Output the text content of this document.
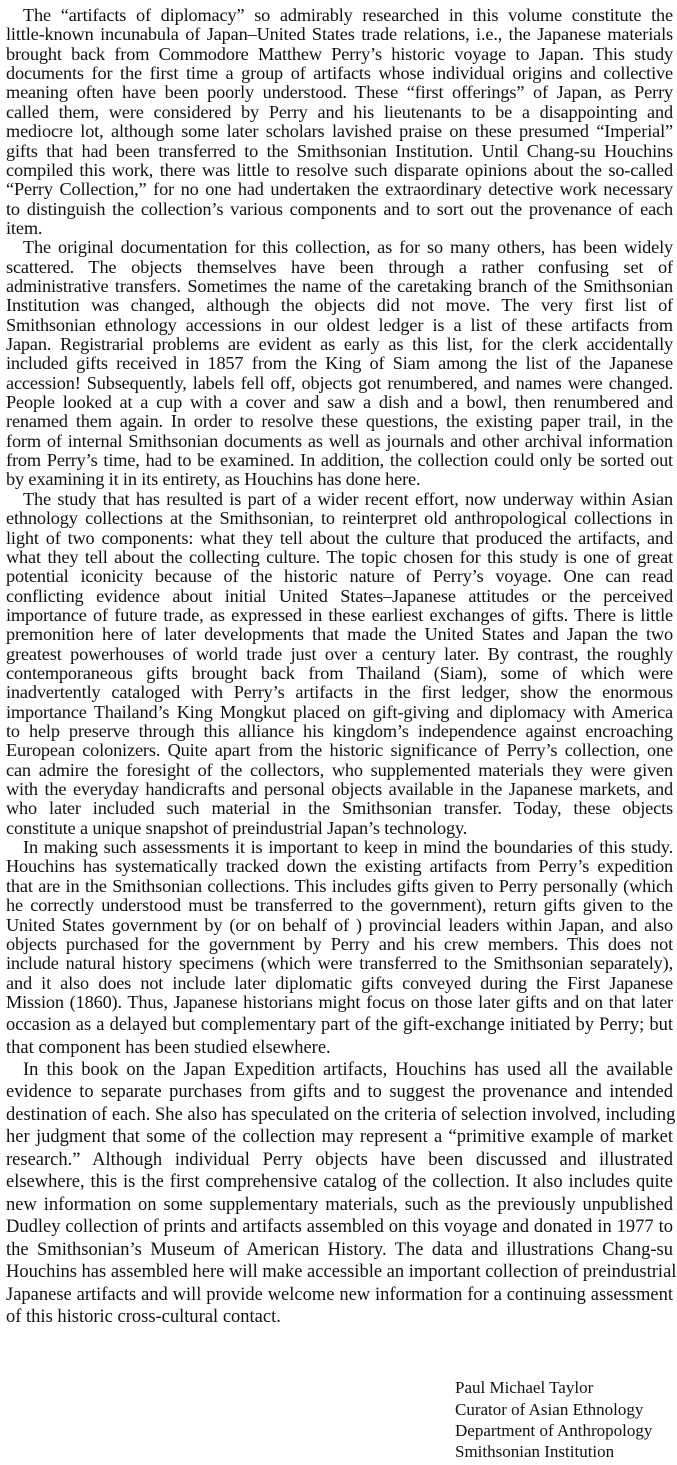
The “artifacts of diplomacy” so admirably researched in this volume constitute the
little-known incunabula of Japan–United States trade relations, i.e., the Japanese materials
brought back from Commodore Matthew Perry’s historic voyage to Japan. This study
documents for the first time a group of artifacts whose individual origins and collective
meaning often have been poorly understood. These “first offerings” of Japan, as Perry
called them, were considered by Perry and his lieutenants to be a disappointing and
mediocre lot, although some later scholars lavished praise on these presumed “Imperial”
gifts that had been transferred to the Smithsonian Institution. Until Chang-su Houchins
compiled this work, there was little to resolve such disparate opinions about the so-called
“Perry Collection,” for no one had undertaken the extraordinary detective work necessary
to distinguish the collection’s various components and to sort out the provenance of each
item.
The original documentation for this collection, as for so many others, has been widely
scattered. The objects themselves have been through a rather confusing set of
administrative transfers. Sometimes the name of the caretaking branch of the Smithsonian
Institution was changed, although the objects did not move. The very first list of
Smithsonian ethnology accessions in our oldest ledger is a list of these artifacts from
Japan. Registrarial problems are evident as early as this list, for the clerk accidentally
included gifts received in 1857 from the King of Siam among the list of the Japanese
accession! Subsequently, labels fell off, objects got renumbered, and names were changed.
People looked at a cup with a cover and saw a dish and a bowl, then renumbered and
renamed them again. In order to resolve these questions, the existing paper trail, in the
form of internal Smithsonian documents as well as journals and other archival information
from Perry’s time, had to be examined. In addition, the collection could only be sorted out
by examining it in its entirety, as Houchins has done here.
The study that has resulted is part of a wider recent effort, now underway within Asian
ethnology collections at the Smithsonian, to reinterpret old anthropological collections in
light of two components: what they tell about the culture that produced the artifacts, and
what they tell about the collecting culture. The topic chosen for this study is one of great
potential iconicity because of the historic nature of Perry’s voyage. One can read
conflicting evidence about initial United States–Japanese attitudes or the perceived
importance of future trade, as expressed in these earliest exchanges of gifts. There is little
premonition here of later developments that made the United States and Japan the two
greatest powerhouses of world trade just over a century later. By contrast, the roughly
contemporaneous gifts brought back from Thailand (Siam), some of which were
inadvertently cataloged with Perry’s artifacts in the first ledger, show the enormous
importance Thailand’s King Mongkut placed on gift-giving and diplomacy with America
to help preserve through this alliance his kingdom’s independence against encroaching
European colonizers. Quite apart from the historic significance of Perry’s collection, one
can admire the foresight of the collectors, who supplemented materials they were given
with the everyday handicrafts and personal objects available in the Japanese markets, and
who later included such material in the Smithsonian transfer. Today, these objects
constitute a unique snapshot of preindustrial Japan’s technology.
In making such assessments it is important to keep in mind the boundaries of this study.
Houchins has systematically tracked down the existing artifacts from Perry’s expedition
that are in the Smithsonian collections. This includes gifts given to Perry personally (which
he correctly understood must be transferred to the government), return gifts given to the
United States government by (or on behalf of ) provincial leaders within Japan, and also
objects purchased for the government by Perry and his crew members. This does not
include natural history specimens (which were transferred to the Smithsonian separately),
and it also does not include later diplomatic gifts conveyed during the First Japanese
Mission (1860). Thus, Japanese historians might focus on those later gifts and on that later
occasion as a delayed but complementary part of the gift-exchange initiated by Perry; but
that component has been studied elsewhere.
In this book on the Japan Expedition artifacts, Houchins has used all the available
evidence to separate purchases from gifts and to suggest the provenance and intended
destination of each. She also has speculated on the criteria of selection involved, including
her judgment that some of the collection may represent a “primitive example of market
research.” Although individual Perry objects have been discussed and illustrated
elsewhere, this is the first comprehensive catalog of the collection. It also includes quite
new information on some supplementary materials, such as the previously unpublished
Dudley collection of prints and artifacts assembled on this voyage and donated in 1977 to
the Smithsonian’s Museum of American History. The data and illustrations Chang-su
Houchins has assembled here will make accessible an important collection of preindustrial
Japanese artifacts and will provide welcome new information for a continuing assessment
of this historic cross-cultural contact.
Paul Michael Taylor
Curator of Asian Ethnology
Department of Anthropology
Smithsonian Institution
